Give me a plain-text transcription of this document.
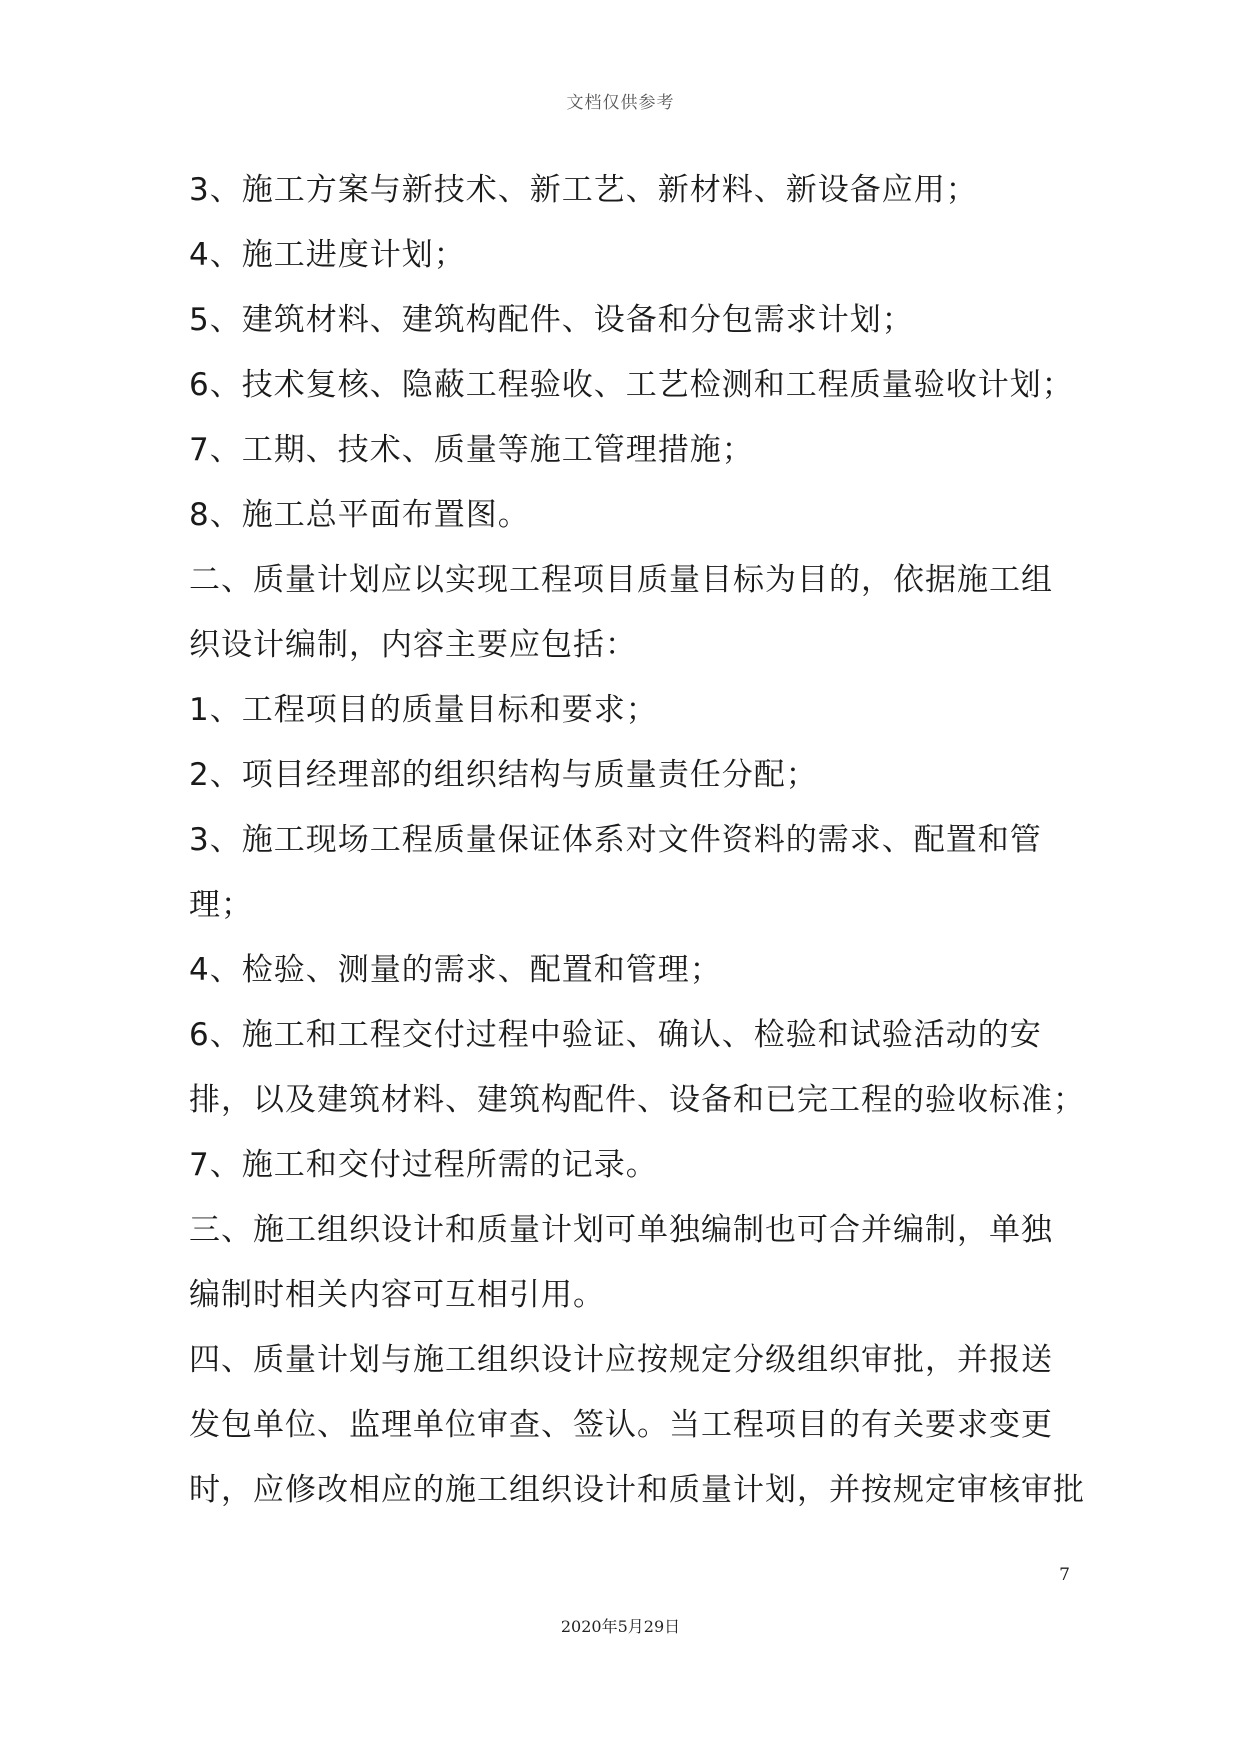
文档仅供参考
3、施工方案与新技术、新工艺、新材料、新设备应用；
4、施工进度计划；
5、建筑材料、建筑构配件、设备和分包需求计划；
6、技术复核、隐蔽工程验收、工艺检测和工程质量验收计划；
7、工期、技术、质量等施工管理措施；
8、施工总平面布置图。
二、质量计划应以实现工程项目质量目标为目的，依据施工组
织设计编制，内容主要应包括：
1、工程项目的质量目标和要求；
2、项目经理部的组织结构与质量责任分配；
3、施工现场工程质量保证体系对文件资料的需求、配置和管
理；
4、检验、测量的需求、配置和管理；
6、施工和工程交付过程中验证、确认、检验和试验活动的安
排，以及建筑材料、建筑构配件、设备和已完工程的验收标准；
7、施工和交付过程所需的记录。
三、施工组织设计和质量计划可单独编制也可合并编制，单独
编制时相关内容可互相引用。
四、质量计划与施工组织设计应按规定分级组织审批，并报送
发包单位、监理单位审查、签认。当工程项目的有关要求变更
时，应修改相应的施工组织设计和质量计划，并按规定审核审批
7
2020年5月29日
